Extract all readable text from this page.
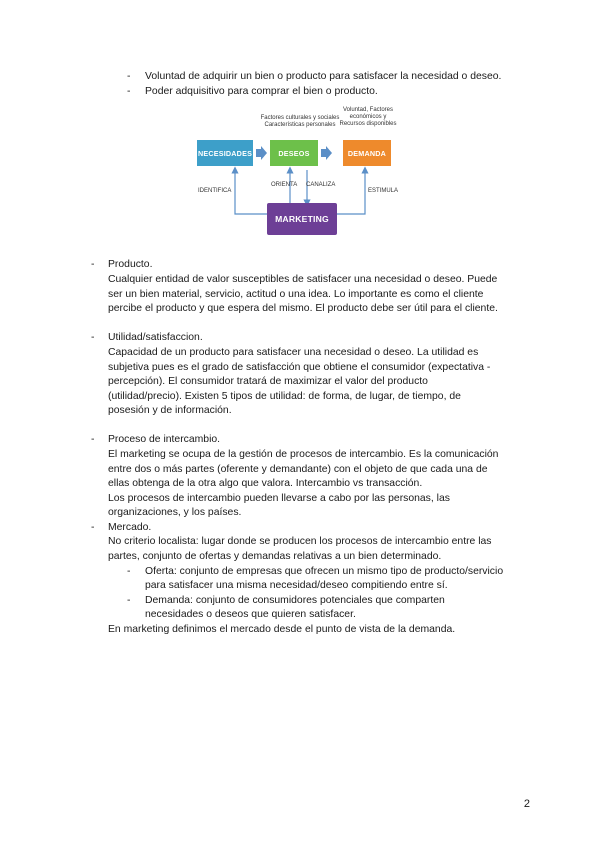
- Voluntad de adquirir un bien o producto para satisfacer la necesidad o deseo.
- Poder adquisitivo para comprar el bien o producto.
Factores culturales y sociales
Características personales
Voluntad, Factores
económicos y
Recursos disponibles
NECESIDADES	DESEOS	DEMANDA
ORIENTA CANALIZA
IDENTIFICA	ESTIMULA
MARKETING
- Producto.
Cualquier entidad de valor susceptibles de satisfacer una necesidad o deseo. Puede
ser un bien material, servicio, actitud o una idea. Lo importante es como el cliente
percibe el producto y que espera del mismo. El producto debe ser útil para el cliente.
- Utilidad/satisfaccion.
Capacidad de un producto para satisfacer una necesidad o deseo. La utilidad es
subjetiva pues es el grado de satisfacción que obtiene el consumidor (expectativa -
percepción). El consumidor tratará de maximizar el valor del producto
(utilidad/precio). Existen 5 tipos de utilidad: de forma, de lugar, de tiempo, de
posesión y de información.
- Proceso de intercambio.
El marketing se ocupa de la gestión de procesos de intercambio. Es la comunicación
entre dos o más partes (oferente y demandante) con el objeto de que cada una de
ellas obtenga de la otra algo que valora. Intercambio vs transacción.
Los procesos de intercambio pueden llevarse a cabo por las personas, las
organizaciones, y los países.
- Mercado.
No criterio localista: lugar donde se producen los procesos de intercambio entre las
partes, conjunto de ofertas y demandas relativas a un bien determinado.
- Oferta: conjunto de empresas que ofrecen un mismo tipo de producto/servicio
para satisfacer una misma necesidad/deseo compitiendo entre sí.
- Demanda: conjunto de consumidores potenciales que comparten
necesidades o deseos que quieren satisfacer.
En marketing definimos el mercado desde el punto de vista de la demanda.
2
